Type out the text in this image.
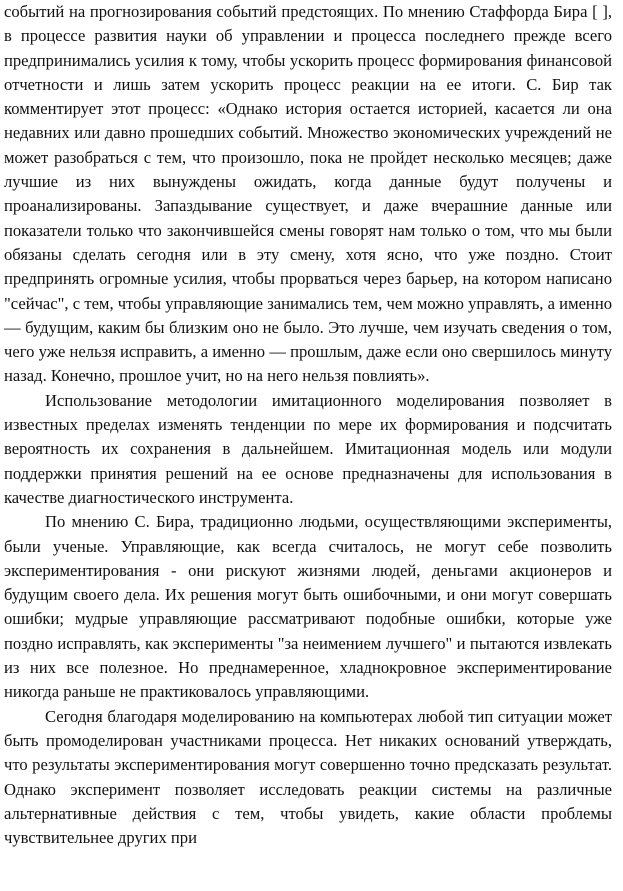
событий на прогнозирования событий предстоящих. По мнению Стаффорда Бира [ ], в процессе развития науки об управлении и процесса последнего прежде всего предпринимались усилия к тому, чтобы ускорить процесс формирования финансовой отчетности и лишь затем ускорить процесс реакции на ее итоги. С. Бир так комментирует этот процесс: «Однако история остается историей, касается ли она недавних или давно прошедших событий. Множество экономических учреждений не может разобраться с тем, что произошло, пока не пройдет несколько месяцев; даже лучшие из них вынуждены ожидать, когда данные будут получены и проанализированы. Запаздывание существует, и даже вчерашние данные или показатели только что закончившейся смены говорят нам только о том, что мы были обязаны сделать сегодня или в эту смену, хотя ясно, что уже поздно. Стоит предпринять огромные усилия, чтобы прорваться через барьер, на котором написано "сейчас", с тем, чтобы управляющие занимались тем, чем можно управлять, а именно— будущим, каким бы близким оно не было. Это лучше, чем изучать сведения о том, чего уже нельзя исправить, а именно — прошлым, даже если оно свершилось минуту назад. Конечно, прошлое учит, но на него нельзя повлиять».

Использование методологии имитационного моделирования позволяет в известных пределах изменять тенденции по мере их формирования и подсчитать вероятность их сохранения в дальнейшем. Имитационная модель или модули поддержки принятия решений на ее основе предназначены для использования в качестве диагностического инструмента.

По мнению С. Бира, традиционно людьми, осуществляющими эксперименты, были ученые. Управляющие, как всегда считалось, не могут себе позволить экспериментирования - они рискуют жизнями людей, деньгами акционеров и будущим своего дела. Их решения могут быть ошибочными, и они могут совершать ошибки; мудрые управляющие рассматривают подобные ошибки, которые уже поздно исправлять, как эксперименты "за неимением лучшего" и пытаются извлекать из них все полезное. Но преднамеренное, хладнокровное экспериментирование никогда раньше не практиковалось управляющими.

Сегодня благодаря моделированию на компьютерах любой тип ситуации может быть промоделирован участниками процесса. Нет никаких оснований утверждать, что результаты экспериментирования могут совершенно точно предсказать результат. Однако эксперимент позволяет исследовать реакции системы на различные альтернативные действия с тем, чтобы увидеть, какие области проблемы чувствительнее других при
